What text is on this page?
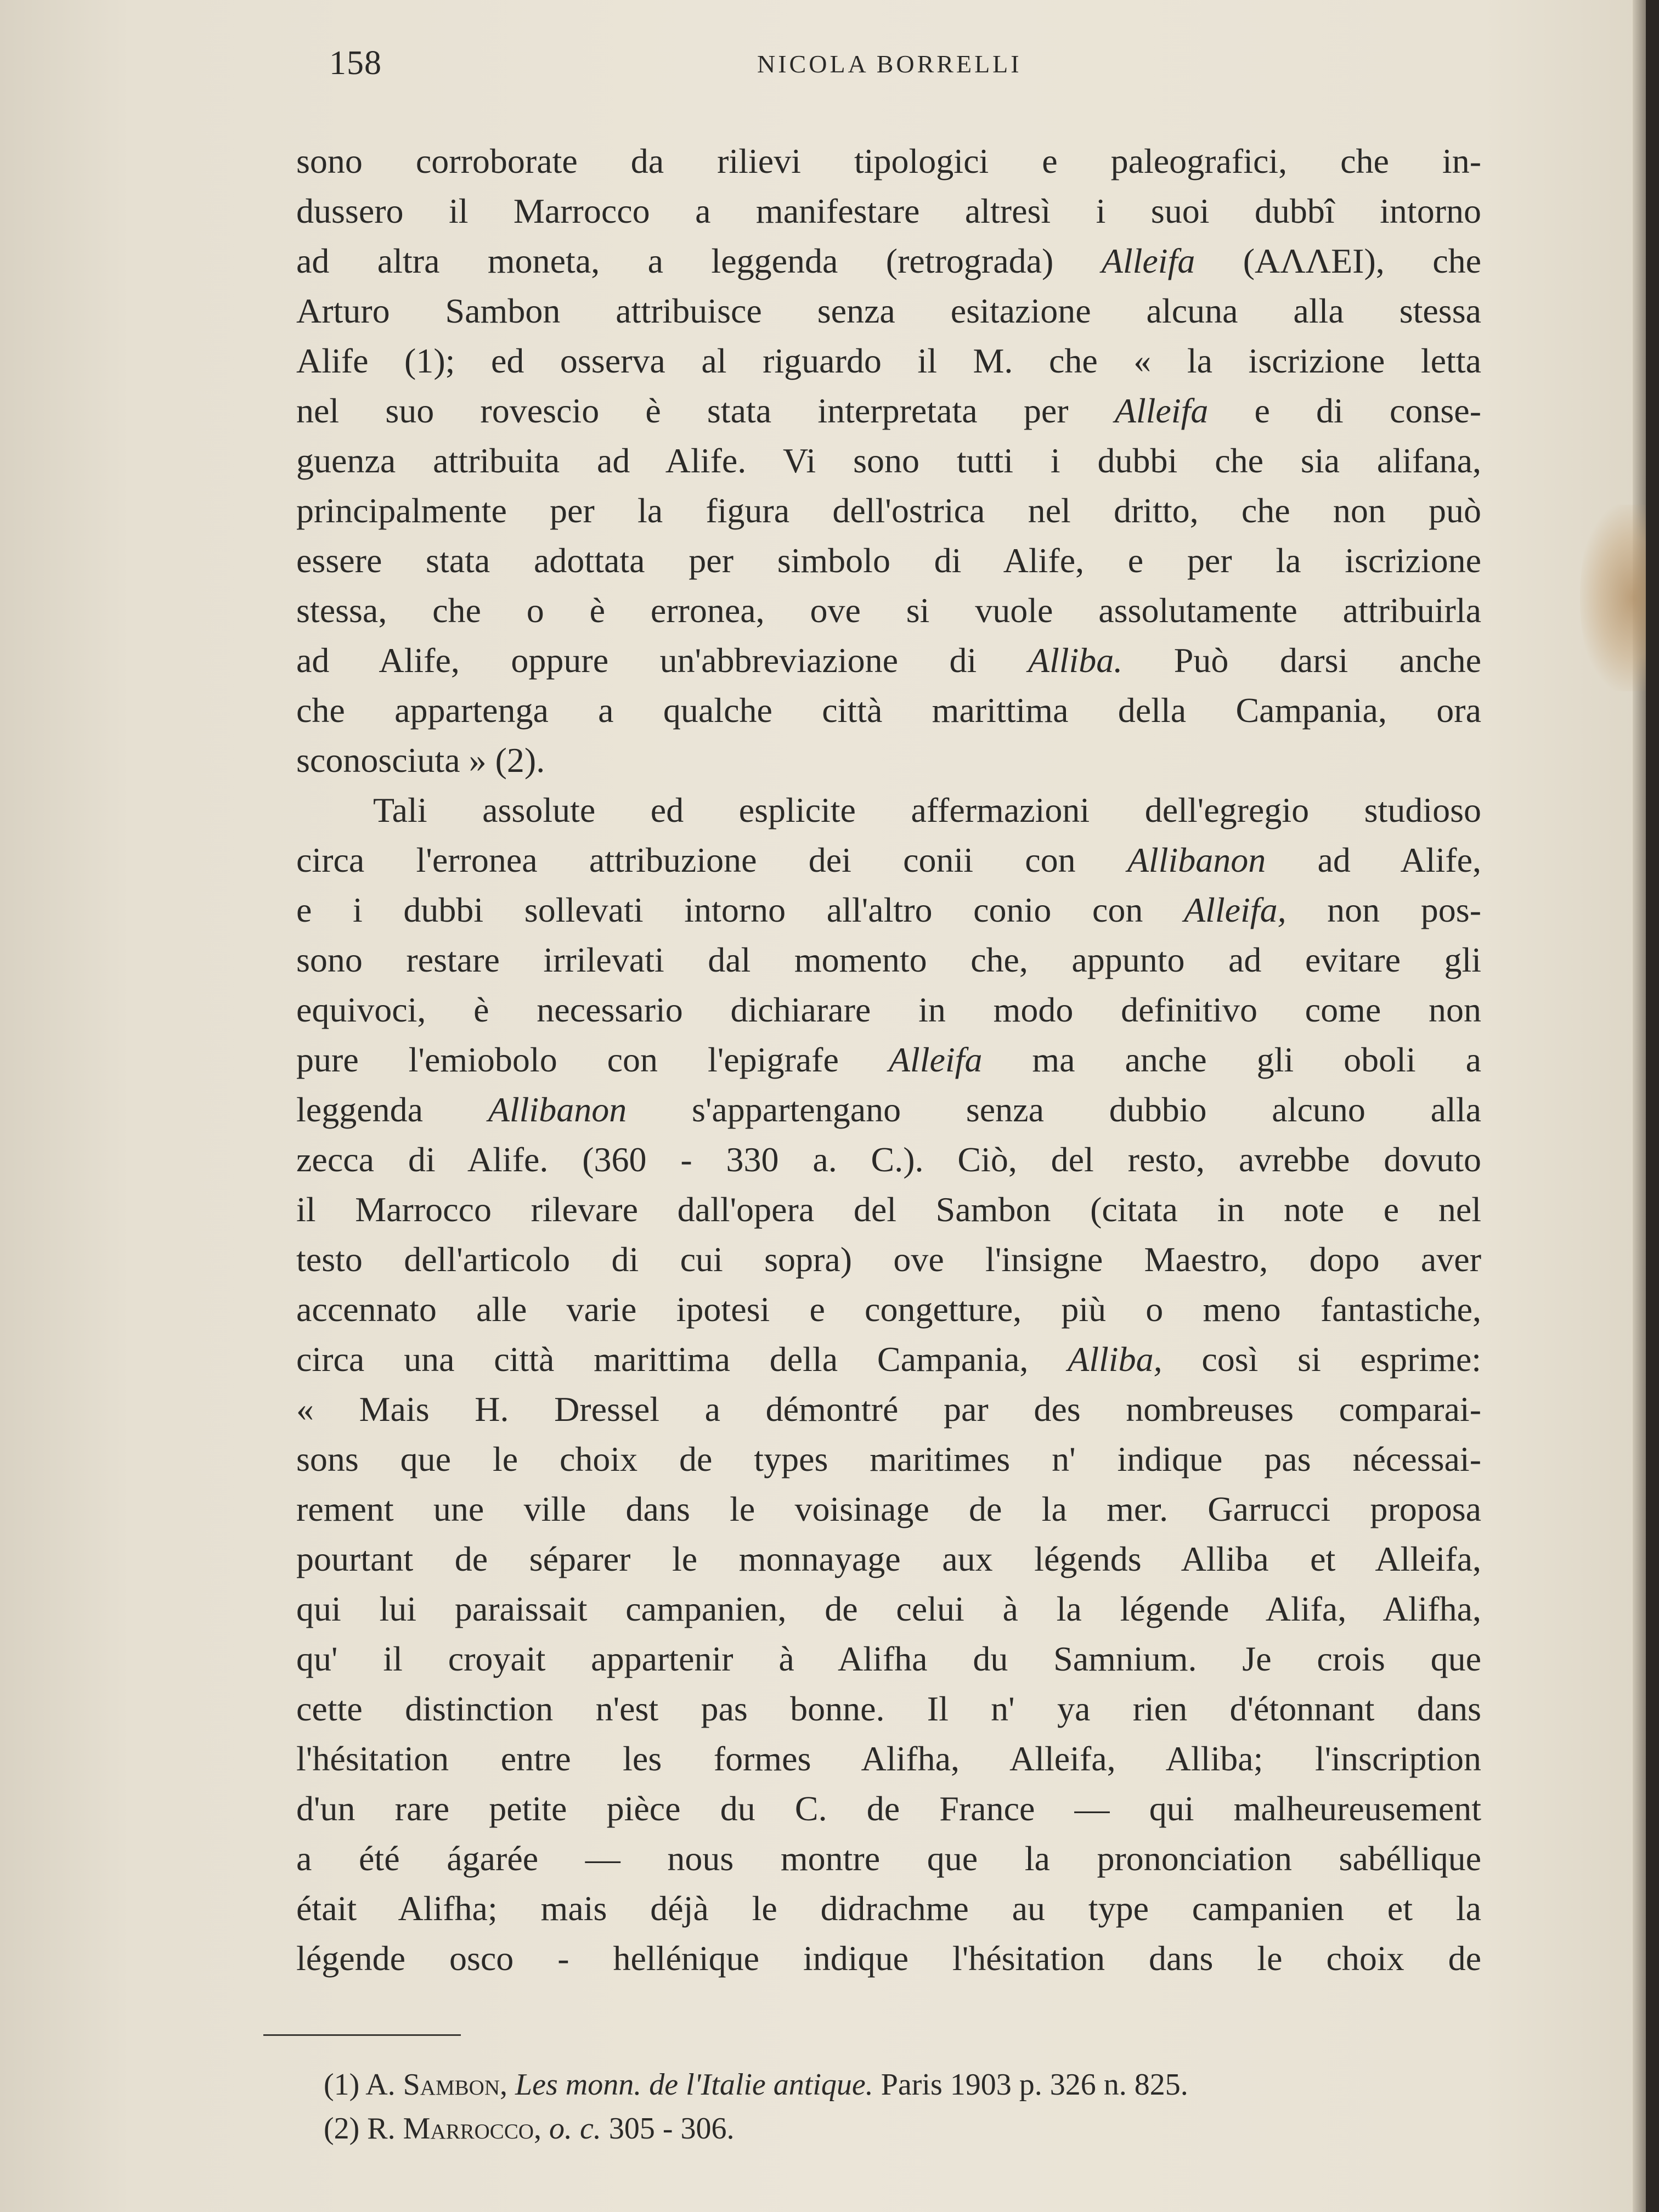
158	NICOLA BORRELLI
sono corroborate da rilievi tipologici e paleografici, che in-
dussero il Marrocco a manifestare altresì i suoi dubbî intorno
ad altra moneta, a leggenda (retrograda) Alleifa (ΑΛΛΕΙ), che
Arturo Sambon attribuisce senza esitazione alcuna alla stessa
Alife (1); ed osserva al riguardo il M. che « la iscrizione letta
nel suo rovescio è stata interpretata per Alleifa e di conse-
guenza attribuita ad Alife. Vi sono tutti i dubbi che sia alifana,
principalmente per la figura dell'ostrica nel dritto, che non può
essere stata adottata per simbolo di Alife, e per la iscrizione
stessa, che o è erronea, ove si vuole assolutamente attribuirla
ad Alife, oppure un'abbreviazione di Alliba. Può darsi anche
che appartenga a qualche città marittima della Campania, ora
sconosciuta » (2).
Tali assolute ed esplicite affermazioni dell'egregio studioso
circa l'erronea attribuzione dei conii con Allibanon ad Alife,
e i dubbi sollevati intorno all'altro conio con Alleifa, non pos-
sono restare irrilevati dal momento che, appunto ad evitare gli
equivoci, è necessario dichiarare in modo definitivo come non
pure l'emiobolo con l'epigrafe Alleifa ma anche gli oboli a
leggenda Allibanon s'appartengano senza dubbio alcuno alla
zecca di Alife. (360 - 330 a. C.). Ciò, del resto, avrebbe dovuto
il Marrocco rilevare dall'opera del Sambon (citata in note e nel
testo dell'articolo di cui sopra) ove l'insigne Maestro, dopo aver
accennato alle varie ipotesi e congetture, più o meno fantastiche,
circa una città marittima della Campania, Alliba, così si esprime:
« Mais H. Dressel a démontré par des nombreuses comparai-
sons que le choix de types maritimes n' indique pas nécessai-
rement une ville dans le voisinage de la mer. Garrucci proposa
pourtant de séparer le monnayage aux légends Alliba et Alleifa,
qui lui paraissait campanien, de celui à la légende Alifa, Alifha,
qu' il croyait appartenir à Alifha du Samnium. Je crois que
cette distinction n'est pas bonne. Il n' ya rien d'étonnant dans
l'hésitation entre les formes Alifha, Alleifa, Alliba; l'inscription
d'un rare petite pièce du C. de France — qui malheureusement
a été ágarée — nous montre que la prononciation sabéllique
était Alifha; mais déjà le didrachme au type campanien et la
légende osco - hellénique indique l'hésitation dans le choix de
(1) A. Sambon, Les monn. de l'Italie antique. Paris 1903 p. 326 n. 825.
(2) R. Marrocco, o. c. 305 - 306.
